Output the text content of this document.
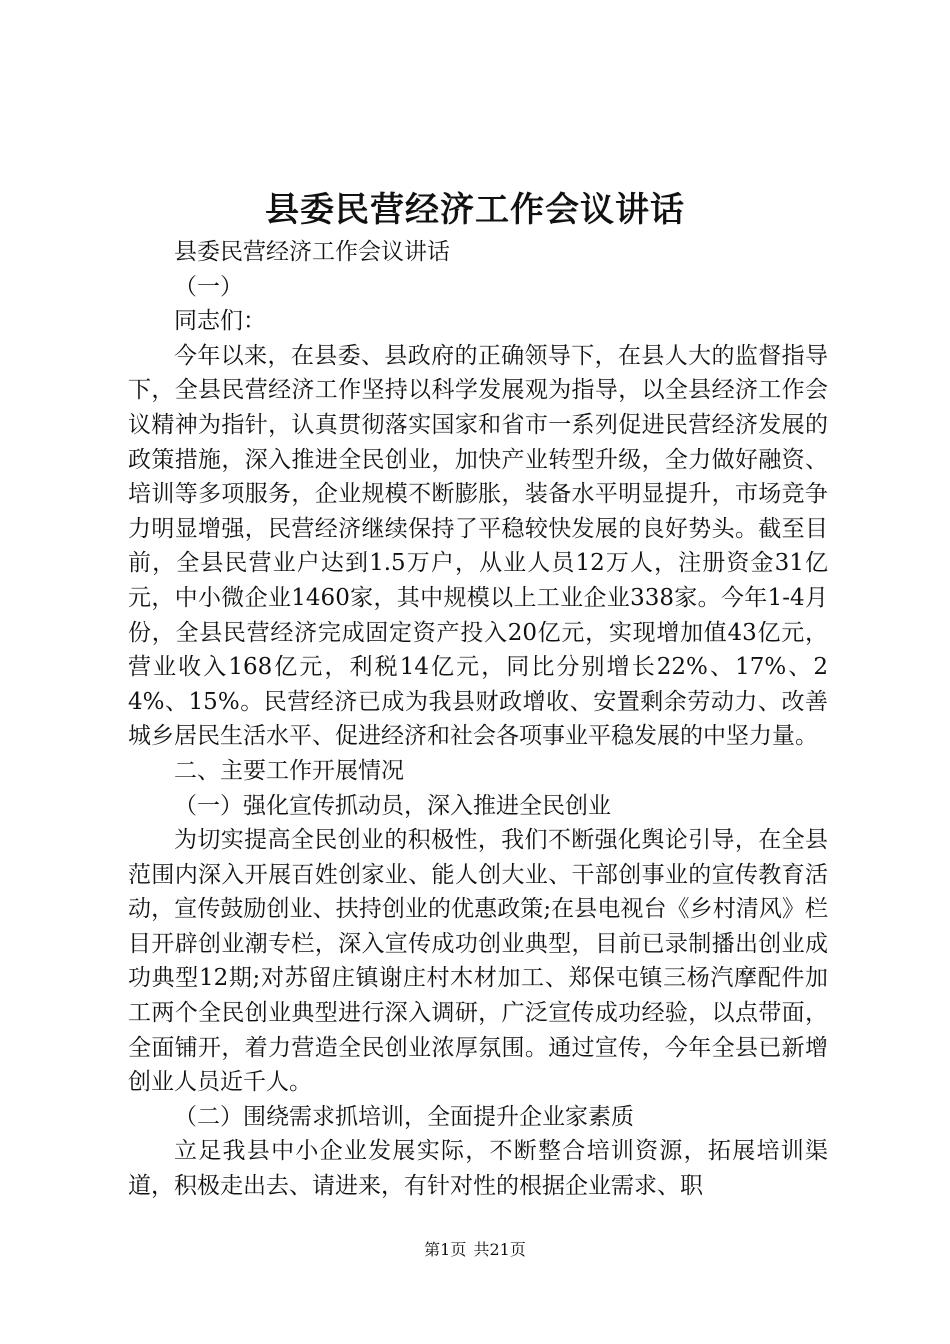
县委民营经济工作会议讲话

县委民营经济工作会议讲话

（一）

同志们：

今年以来，在县委、县政府的正确领导下，在县人大的监督指导下，全县民营经济工作坚持以科学发展观为指导，以全县经济工作会议精神为指针，认真贯彻落实国家和省市一系列促进民营经济发展的政策措施，深入推进全民创业，加快产业转型升级，全力做好融资、培训等多项服务，企业规模不断膨胀，装备水平明显提升，市场竞争力明显增强，民营经济继续保持了平稳较快发展的良好势头。截至目前，全县民营业户达到1.5万户，从业人员12万人，注册资金31亿元，中小微企业1460家，其中规模以上工业企业338家。今年1-4月份，全县民营经济完成固定资产投入20亿元，实现增加值43亿元，营业收入168亿元，利税14亿元，同比分别增长22%、17%、24%、15%。民营经济已成为我县财政增收、安置剩余劳动力、改善城乡居民生活水平、促进经济和社会各项事业平稳发展的中坚力量。

二、主要工作开展情况

（一）强化宣传抓动员，深入推进全民创业

为切实提高全民创业的积极性，我们不断强化舆论引导，在全县范围内深入开展百姓创家业、能人创大业、干部创事业的宣传教育活动，宣传鼓励创业、扶持创业的优惠政策;在县电视台《乡村清风》栏目开辟创业潮专栏，深入宣传成功创业典型，目前已录制播出创业成功典型12期;对苏留庄镇谢庄村木材加工、郑保屯镇三杨汽摩配件加工两个全民创业典型进行深入调研，广泛宣传成功经验，以点带面，全面铺开，着力营造全民创业浓厚氛围。通过宣传，今年全县已新增创业人员近千人。

（二）围绕需求抓培训，全面提升企业家素质

立足我县中小企业发展实际，不断整合培训资源，拓展培训渠道，积极走出去、请进来，有针对性的根据企业需求、职

第1页 共21页
